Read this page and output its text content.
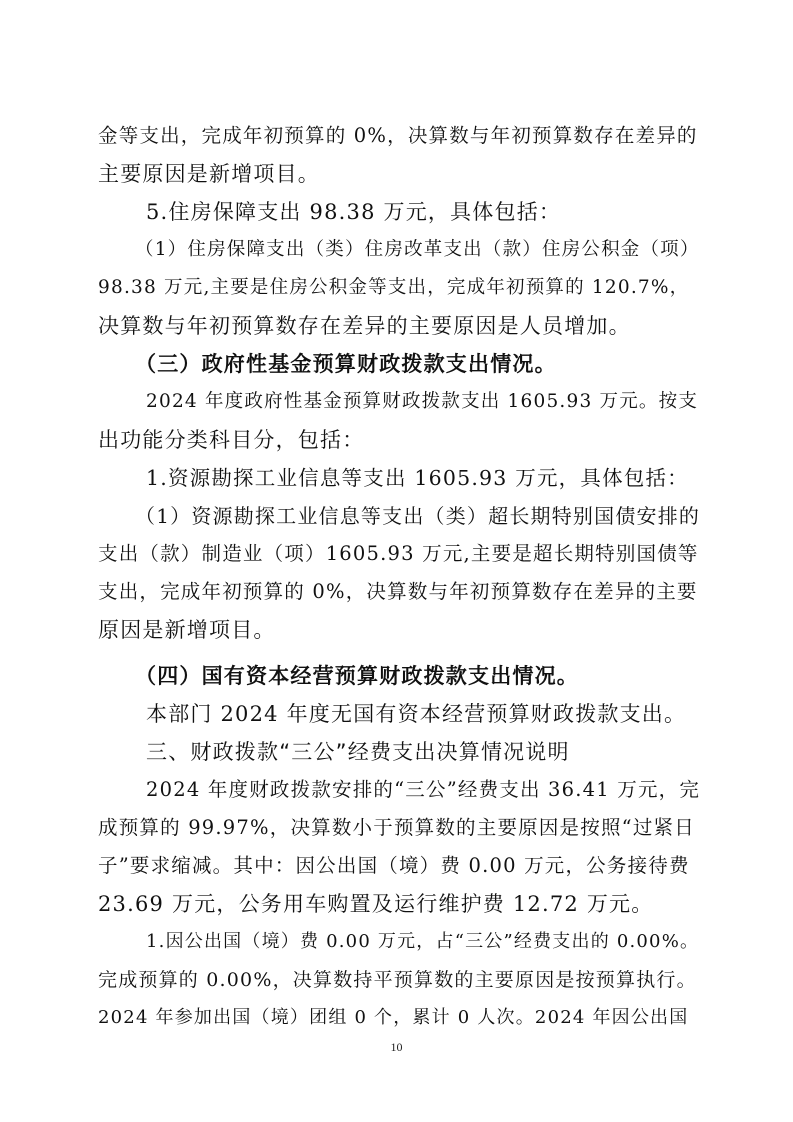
金等支出，完成年初预算的 0%，决算数与年初预算数存在差异的
主要原因是新增项目。
5.住房保障支出 98.38 万元，具体包括：
（1）住房保障支出（类）住房改革支出（款）住房公积金（项）
98.38 万元,主要是住房公积金等支出，完成年初预算的 120.7%，
决算数与年初预算数存在差异的主要原因是人员增加。
（三）政府性基金预算财政拨款支出情况。
2024 年度政府性基金预算财政拨款支出 1605.93 万元。按支
出功能分类科目分，包括：
1.资源勘探工业信息等支出 1605.93 万元，具体包括：
（1）资源勘探工业信息等支出（类）超长期特别国债安排的
支出（款）制造业（项）1605.93 万元,主要是超长期特别国债等
支出，完成年初预算的 0%，决算数与年初预算数存在差异的主要
原因是新增项目。
（四）国有资本经营预算财政拨款支出情况。
本部门 2024 年度无国有资本经营预算财政拨款支出。
三、财政拨款“三公”经费支出决算情况说明
2024 年度财政拨款安排的“三公”经费支出 36.41 万元，完
成预算的 99.97%，决算数小于预算数的主要原因是按照“过紧日
子”要求缩减。其中：因公出国（境）费 0.00 万元，公务接待费
23.69 万元，公务用车购置及运行维护费 12.72 万元。
1.因公出国（境）费 0.00 万元，占“三公”经费支出的 0.00%。
完成预算的 0.00%，决算数持平预算数的主要原因是按预算执行。
2024 年参加出国（境）团组 0 个，累计 0 人次。2024 年因公出国
10
